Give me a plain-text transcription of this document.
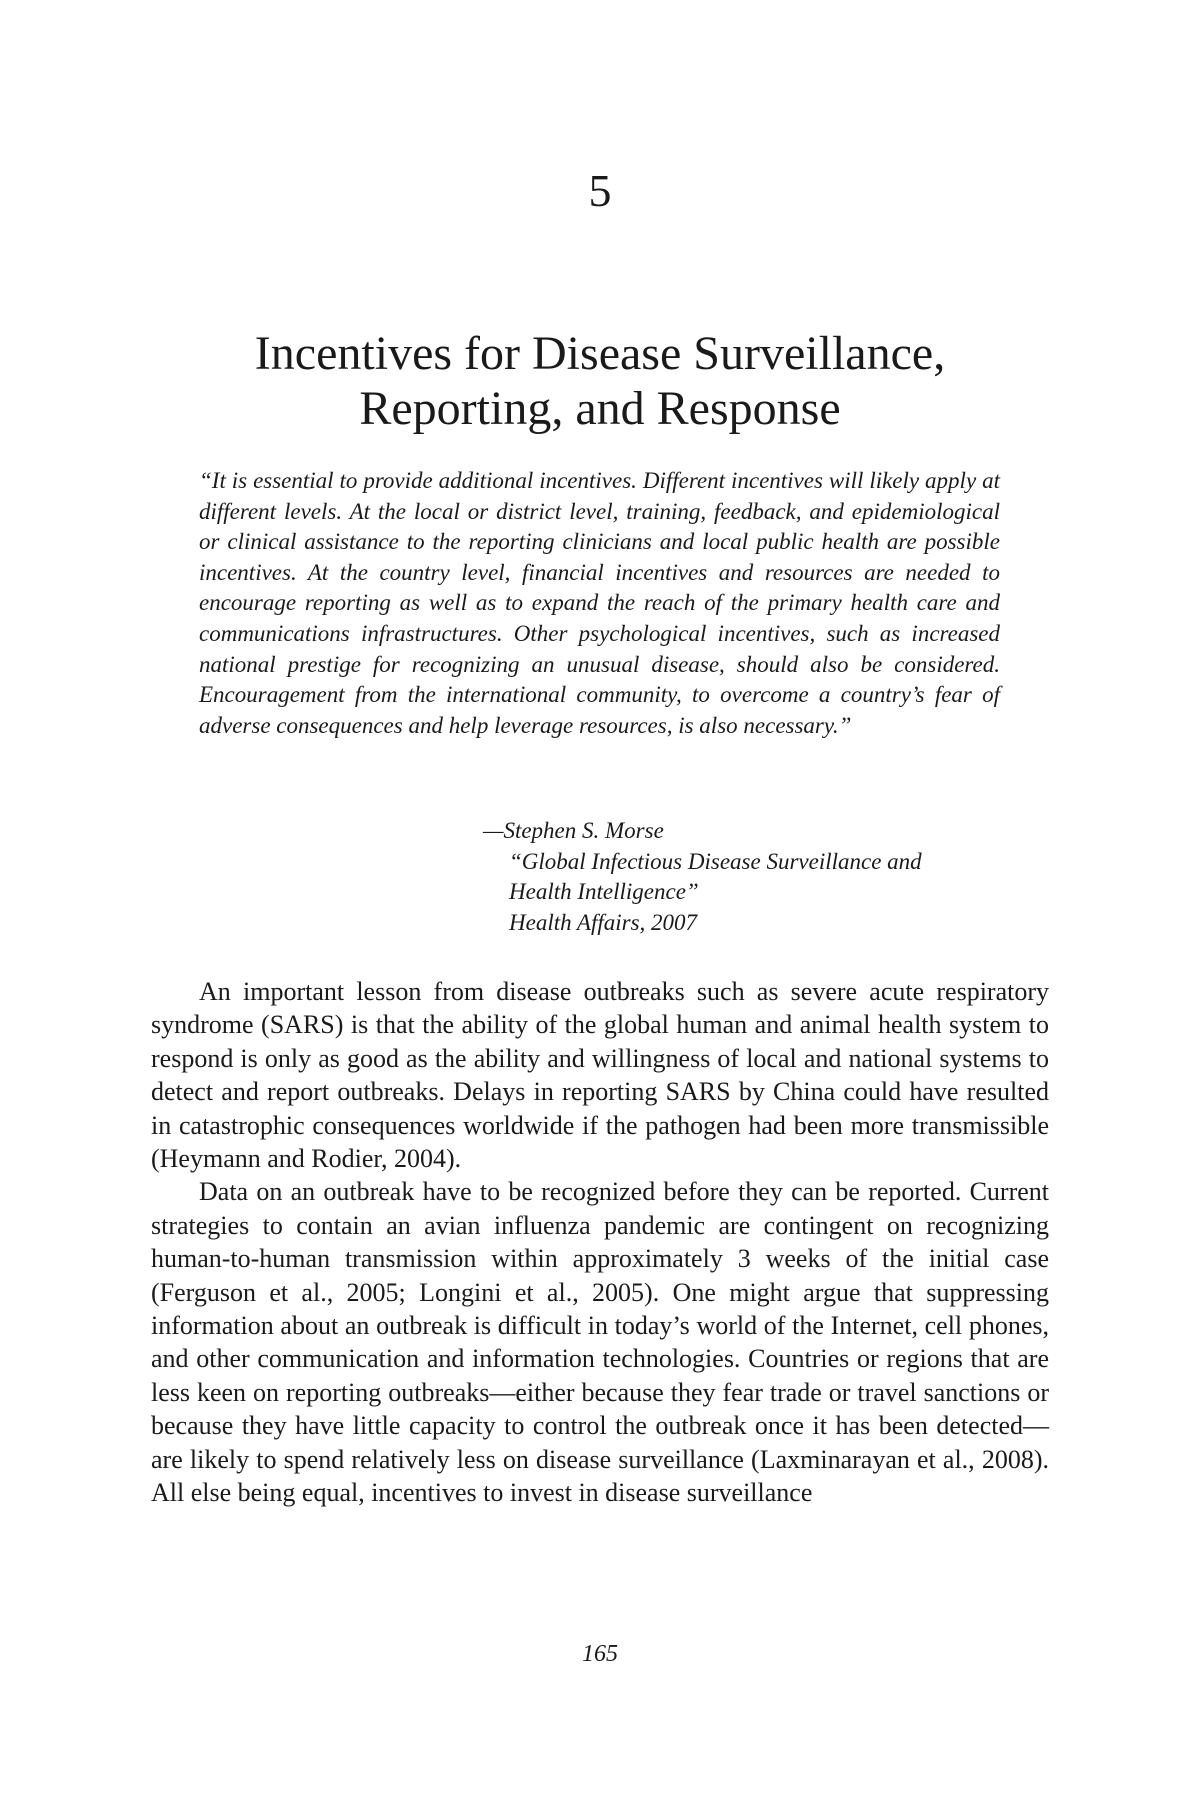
5
Incentives for Disease Surveillance,
Reporting, and Response

“It is essential to provide additional incentives. Different incentives will likely apply at different levels. At the local or district level, training, feedback, and epidemiological or clinical assistance to the reporting clinicians and local public health are possible incentives. At the country level, financial incentives and resources are needed to encourage reporting as well as to expand the reach of the primary health care and communications infrastructures. Other psychological incentives, such as increased national prestige for recognizing an unusual disease, should also be considered. Encouragement from the international community, to overcome a country’s fear of adverse consequences and help leverage resources, is also necessary.”

—Stephen S. Morse
“Global Infectious Disease Surveillance and
Health Intelligence”
Health Affairs, 2007

An important lesson from disease outbreaks such as severe acute respiratory syndrome (SARS) is that the ability of the global human and animal health system to respond is only as good as the ability and willingness of local and national systems to detect and report outbreaks. Delays in reporting SARS by China could have resulted in catastrophic consequences worldwide if the pathogen had been more transmissible (Heymann and Rodier, 2004).

Data on an outbreak have to be recognized before they can be reported. Current strategies to contain an avian influenza pandemic are contingent on recognizing human-to-human transmission within approximately 3 weeks of the initial case (Ferguson et al., 2005; Longini et al., 2005). One might argue that suppressing information about an outbreak is difficult in today’s world of the Internet, cell phones, and other communication and information technologies. Countries or regions that are less keen on reporting outbreaks—either because they fear trade or travel sanctions or because they have little capacity to control the outbreak once it has been detected—are likely to spend relatively less on disease surveillance (Laxminarayan et al., 2008). All else being equal, incentives to invest in disease surveillance

165
